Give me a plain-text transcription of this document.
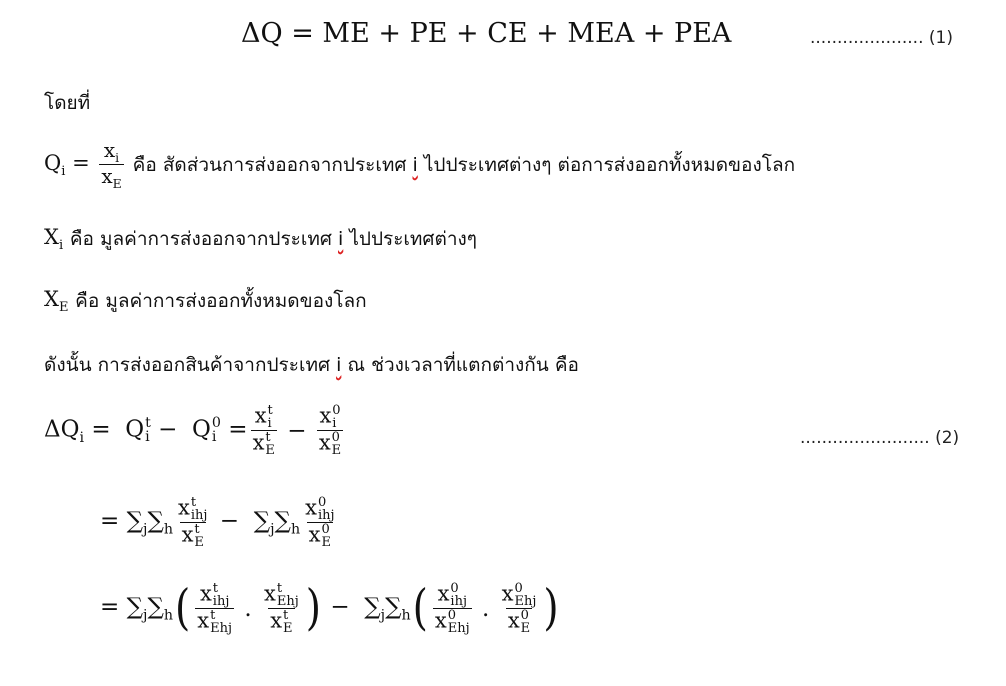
ΔQ = ME + PE + CE + MEA + PEA	..................... (1)
โดยที่
$Q_i = \frac{x_i}{x_E}$ คือ สัดส่วนการส่งออกจากประเทศ i ไปประเทศต่างๆ ต่อการส่งออกทั้งหมดของโลก
$X_i$ คือ มูลค่าการส่งออกจากประเทศ i ไปประเทศต่างๆ
$X_E$ คือ มูลค่าการส่งออกทั้งหมดของโลก
ดังนั้น การส่งออกสินค้าจากประเทศ i ณ ช่วงเวลาที่แตกต่างกัน คือ
$\Delta Q_i = Q$ t
i −  Q 0
i = x t
i
x t
E − x 0
i
x 0
E	........................ (2)
= $\sum_j\sum_h$ x t
ihj
x t
$E - \sum_j\sum_h$ x 0
ihj
x 0
E
= $\sum_j\sum_h$ ( x t
ihj
x t
Ehj . x t
Ehj
x t
E ) −  $\sum_j\sum_h$ ( x 0
ihj
x 0
Ehj . x 0
Ehj
x 0
E )
